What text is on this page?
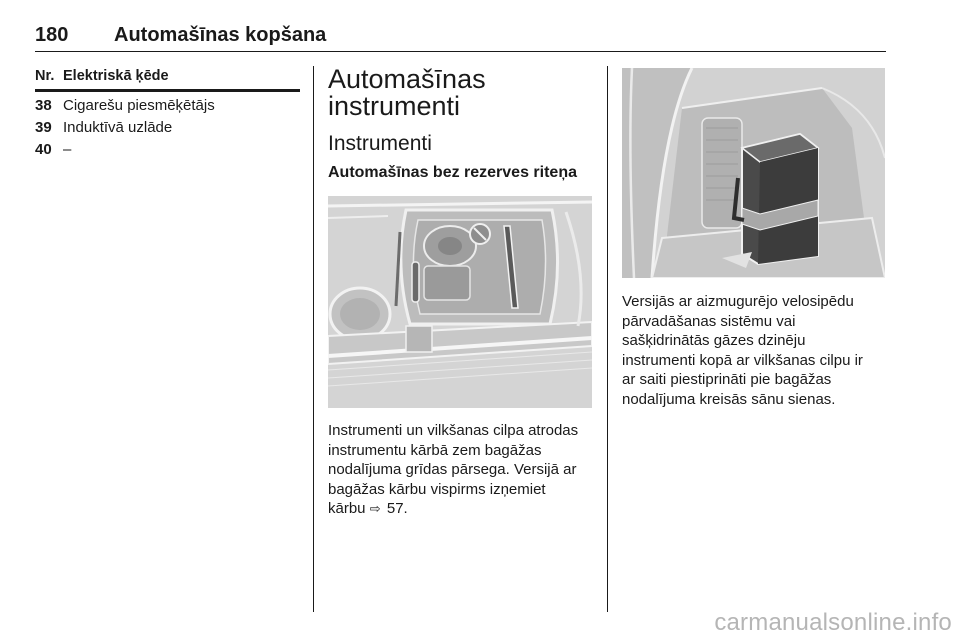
180 Automašīnas kopšana
Nr. Elektriskā ķēde
38 Cigarešu piesmēķētājs
39 Induktīvā uzlāde
40 –
Automašīnas
instrumenti
Instrumenti
Automašīnas bez rezerves riteņa
Instrumenti un vilkšanas cilpa atrodas
instrumentu kārbā zem bagāžas
nodalījuma grīdas pārsega. Versijā ar
bagāžas kārbu vispirms izņemiet
kārbu ⇨ 57.
Versijās ar aizmugurējo velosipēdu
pārvadāšanas sistēmu vai
sašķidrinātās gāzes dzinēju
instrumenti kopā ar vilkšanas cilpu ir
ar saiti piestiprināti pie bagāžas
nodalījuma kreisās sānu sienas.
carmanualsonline.info
